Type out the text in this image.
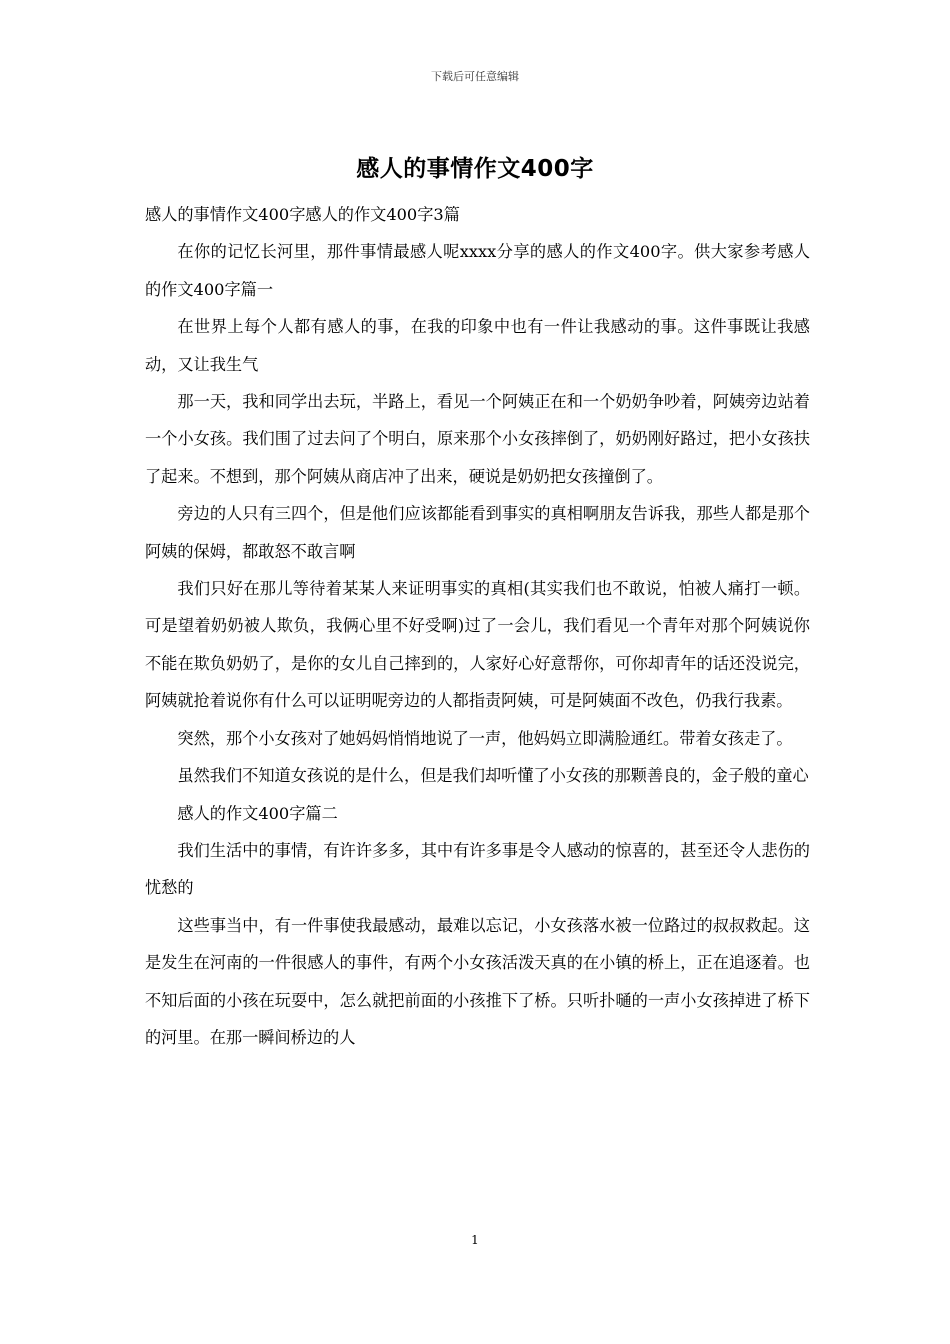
下载后可任意编辑
感人的事情作文400字

感人的事情作文400字感人的作文400字3篇

在你的记忆长河里，那件事情最感人呢xxxx分享的感人的作文400字。供大家参考感人的作文400字篇一

在世界上每个人都有感人的事，在我的印象中也有一件让我感动的事。这件事既让我感动，又让我生气

那一天，我和同学出去玩，半路上，看见一个阿姨正在和一个奶奶争吵着，阿姨旁边站着一个小女孩。我们围了过去问了个明白，原来那个小女孩摔倒了，奶奶刚好路过，把小女孩扶了起来。不想到，那个阿姨从商店冲了出来，硬说是奶奶把女孩撞倒了。

旁边的人只有三四个，但是他们应该都能看到事实的真相啊朋友告诉我，那些人都是那个阿姨的保姆，都敢怒不敢言啊

我们只好在那儿等待着某某人来证明事实的真相(其实我们也不敢说，怕被人痛打一顿。可是望着奶奶被人欺负，我俩心里不好受啊)过了一会儿，我们看见一个青年对那个阿姨说你不能在欺负奶奶了，是你的女儿自己摔到的，人家好心好意帮你，可你却青年的话还没说完，阿姨就抢着说你有什么可以证明呢旁边的人都指责阿姨，可是阿姨面不改色，仍我行我素。

突然，那个小女孩对了她妈妈悄悄地说了一声，他妈妈立即满脸通红。带着女孩走了。

虽然我们不知道女孩说的是什么，但是我们却听懂了小女孩的那颗善良的，金子般的童心

感人的作文400字篇二

我们生活中的事情，有许许多多，其中有许多事是令人感动的惊喜的，甚至还令人悲伤的忧愁的

这些事当中，有一件事使我最感动，最难以忘记，小女孩落水被一位路过的叔叔救起。这是发生在河南的一件很感人的事件，有两个小女孩活泼天真的在小镇的桥上，正在追逐着。也不知后面的小孩在玩耍中，怎么就把前面的小孩推下了桥。只听扑嗵的一声小女孩掉进了桥下的河里。在那一瞬间桥边的人

1
